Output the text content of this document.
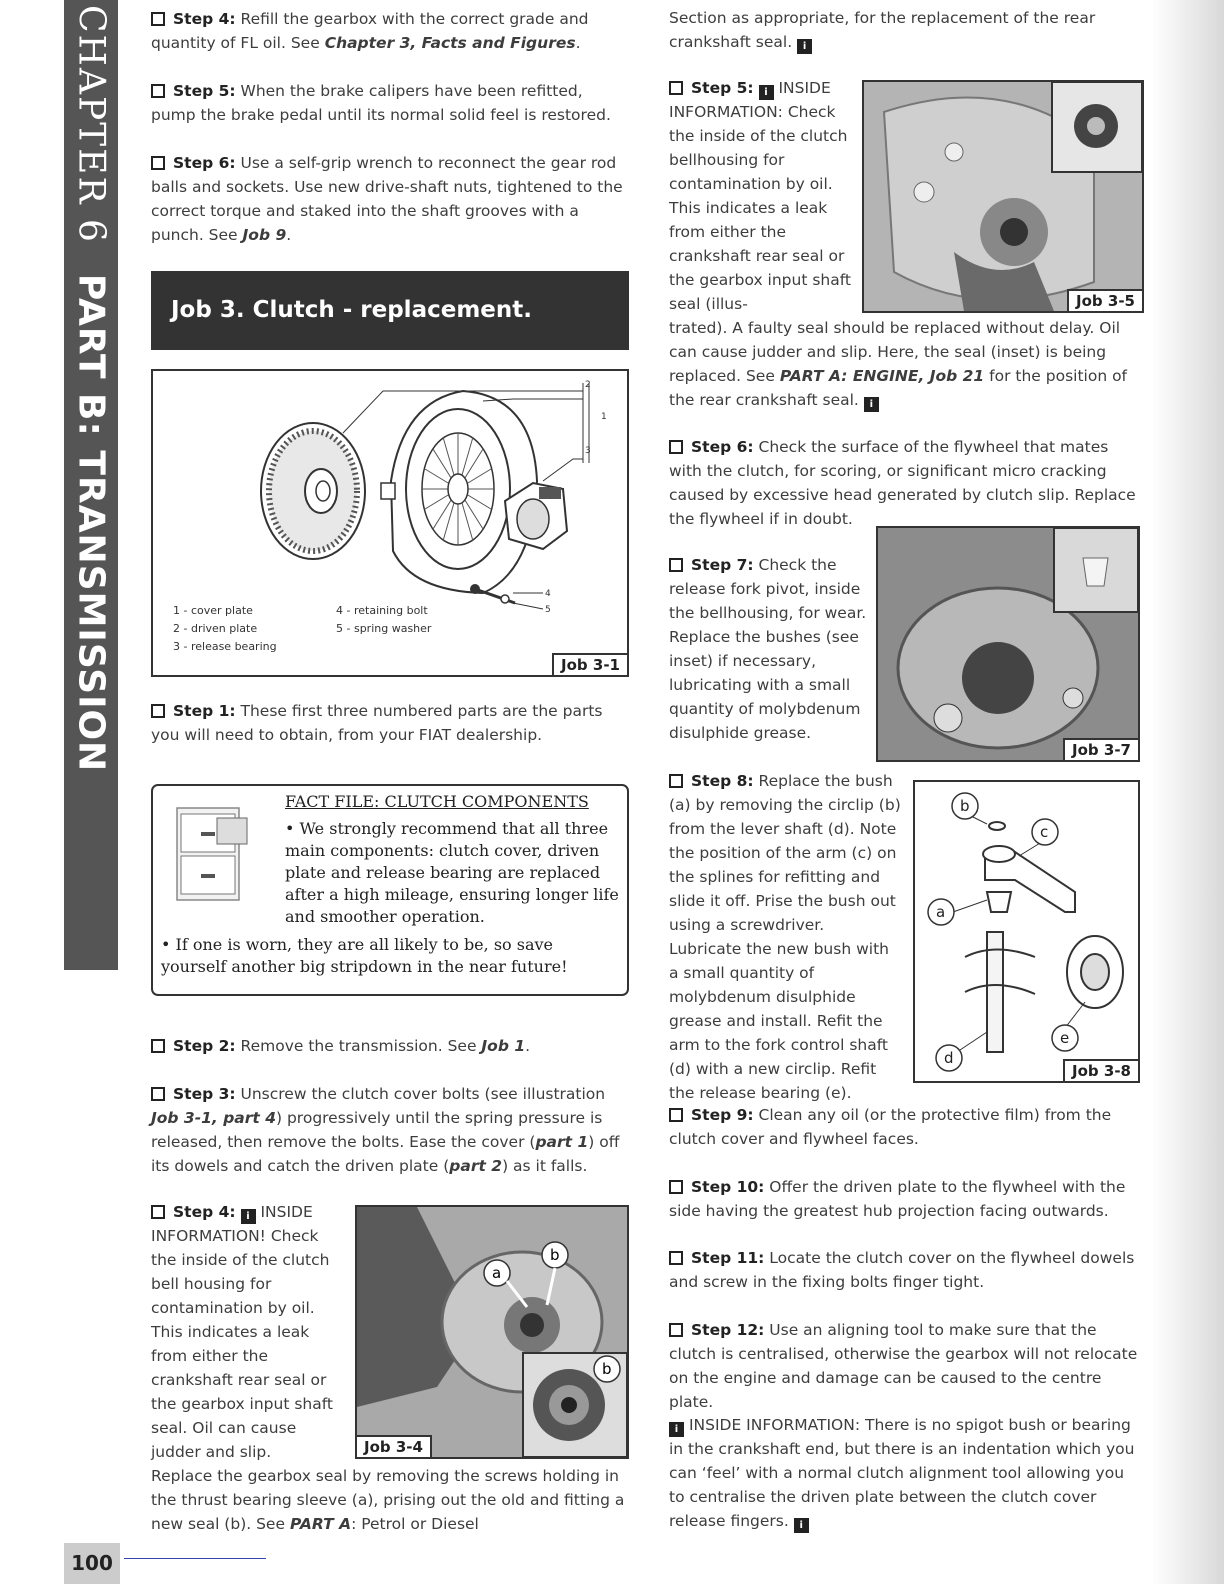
CHAPTER 6PART B: TRANSMISSION
Step 4: Refill the gearbox with the correct grade and quantity of FL oil. See Chapter 3, Facts and Figures.
Step 5: When the brake calipers have been refitted, pump the brake pedal until its normal solid feel is restored.
Step 6: Use a self-grip wrench to reconnect the gear rod balls and sockets. Use new drive-shaft nuts, tightened to the correct torque and staked into the shaft grooves with a punch. See Job 9.
Job 3. Clutch - replacement.
2
1
3
4
5
1 - cover plate
2 - driven plate
3 - release bearing
4 - retaining bolt
5 - spring washer
Job 3-1
Step 1: These first three numbered parts are the parts you will need to obtain, from your FIAT dealership.
FACT FILE: CLUTCH COMPONENTS
• We strongly recommend that all three main components: clutch cover, driven plate and release bearing are replaced after a high mileage, ensuring longer life and smoother operation.
• If one is worn, they are all likely to be, so save yourself another big stripdown in the near future!
Step 2: Remove the transmission. See Job 1.
Step 3: Unscrew the clutch cover bolts (see illustration Job 3-1, part 4) progressively until the spring pressure is released, then remove the bolts. Ease the cover (part 1) off its dowels and catch the driven plate (part 2) as it falls.
Step 4: i INSIDE INFORMATION! Check the inside of the clutch bell housing for contamination by oil. This indicates a leak from either the crankshaft rear seal or the gearbox input shaft seal. Oil can cause judder and slip.
Replace the gearbox seal by removing the screws holding in the thrust bearing sleeve (a), prising out the old and fitting a new seal (b). See PART A: Petrol or Diesel
a
b
b
Job 3-4
Section as appropriate, for the replacement of the rear crankshaft seal. i
Step 5: i INSIDE INFORMATION: Check the inside of the clutch bellhousing for contamination by oil. This indicates a leak from either the crankshaft rear seal or the gearbox input shaft seal (illus-
trated). A faulty seal should be replaced without delay. Oil can cause judder and slip. Here, the seal (inset) is being replaced. See PART A: ENGINE, Job 21 for the position of the rear crankshaft seal. i
Job 3-5
Step 6: Check the surface of the flywheel that mates with the clutch, for scoring, or significant micro cracking caused by excessive head generated by clutch slip. Replace the flywheel if in doubt.
Step 7: Check the release fork pivot, inside the bellhousing, for wear. Replace the bushes (see inset) if necessary, lubricating with a small quantity of molybdenum disulphide grease.
Job 3-7
Step 8: Replace the bush (a) by removing the circlip (b) from the lever shaft (d). Note the position of the arm (c) on the splines for refitting and slide it off. Prise the bush out using a screwdriver. Lubricate the new bush with a small quantity of molybdenum disulphide grease and install. Refit the arm to the fork control shaft (d) with a new circlip. Refit the release bearing (e).
b
c
a
e
d
Job 3-8
Step 9: Clean any oil (or the protective film) from the clutch cover and flywheel faces.
Step 10: Offer the driven plate to the flywheel with the side having the greatest hub projection facing outwards.
Step 11: Locate the clutch cover on the flywheel dowels and screw in the fixing bolts finger tight.
Step 12: Use an aligning tool to make sure that the clutch is centralised, otherwise the gearbox will not relocate on the engine and damage can be caused to the centre plate.
i INSIDE INFORMATION: There is no spigot bush or bearing in the crankshaft end, but there is an indentation which you can ‘feel’ with a normal clutch alignment tool allowing you to centralise the driven plate between the clutch cover release fingers. i
100
